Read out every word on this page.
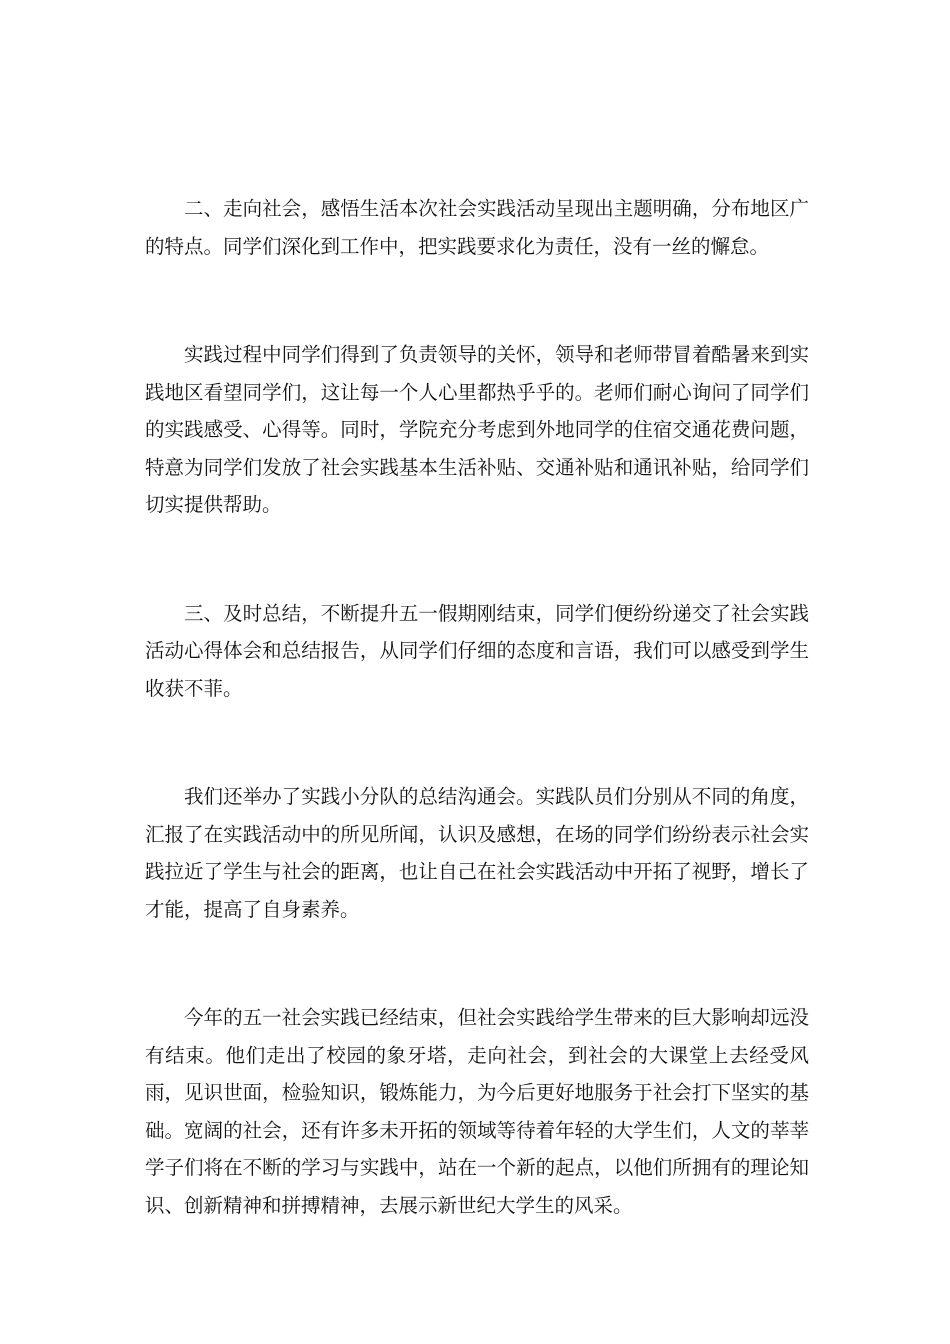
二、走向社会，感悟生活本次社会实践活动呈现出主题明确，分布地区广的特点。同学们深化到工作中，把实践要求化为责任，没有一丝的懈怠。

实践过程中同学们得到了负责领导的关怀，领导和老师带冒着酷暑来到实践地区看望同学们，这让每一个人心里都热乎乎的。老师们耐心询问了同学们的实践感受、心得等。同时，学院充分考虑到外地同学的住宿交通花费问题，特意为同学们发放了社会实践基本生活补贴、交通补贴和通讯补贴，给同学们切实提供帮助。

三、及时总结，不断提升五一假期刚结束，同学们便纷纷递交了社会实践活动心得体会和总结报告，从同学们仔细的态度和言语，我们可以感受到学生收获不菲。

我们还举办了实践小分队的总结沟通会。实践队员们分别从不同的角度，汇报了在实践活动中的所见所闻，认识及感想，在场的同学们纷纷表示社会实践拉近了学生与社会的距离，也让自己在社会实践活动中开拓了视野，增长了才能，提高了自身素养。

今年的五一社会实践已经结束，但社会实践给学生带来的巨大影响却远没有结束。他们走出了校园的象牙塔，走向社会，到社会的大课堂上去经受风雨，见识世面，检验知识，锻炼能力，为今后更好地服务于社会打下坚实的基础。宽阔的社会，还有许多未开拓的领域等待着年轻的大学生们，人文的莘莘学子们将在不断的学习与实践中，站在一个新的起点，以他们所拥有的理论知识、创新精神和拼搏精神，去展示新世纪大学生的风采。
